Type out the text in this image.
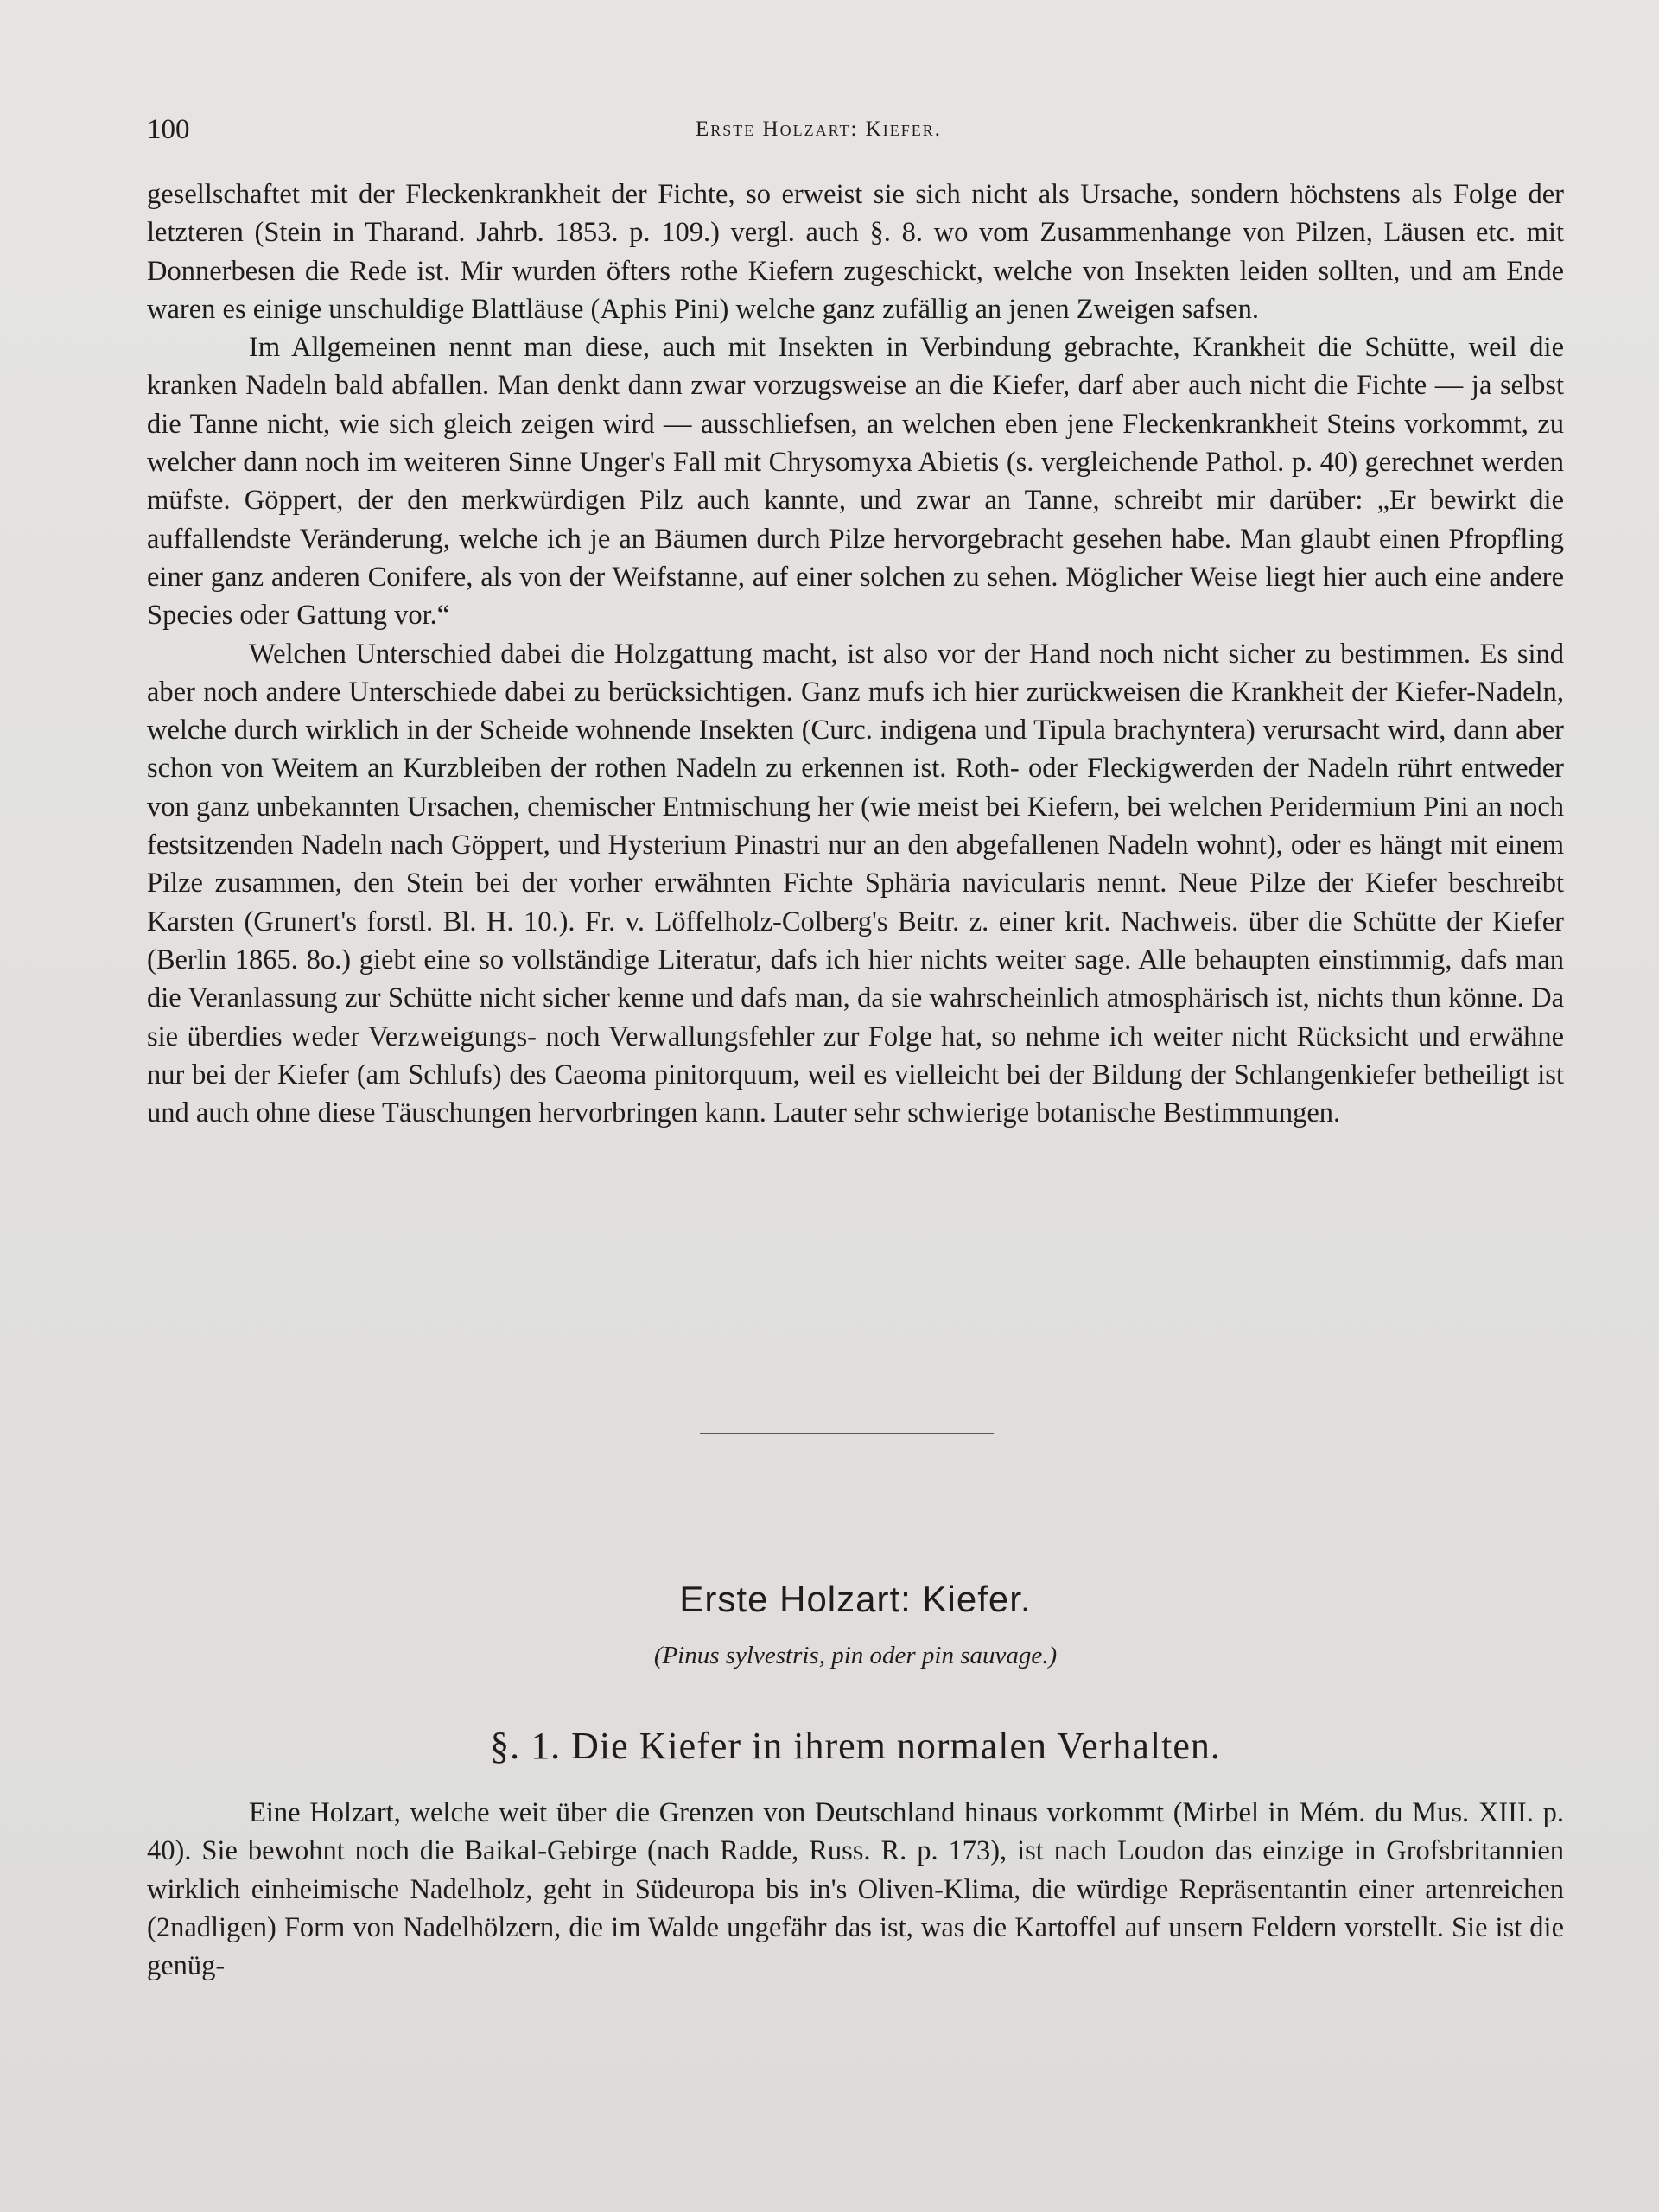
100	Erste Holzart: Kiefer.

gesellschaftet mit der Fleckenkrankheit der Fichte, so erweist sie sich nicht als Ursache, sondern höchstens als Folge der letzteren (Stein in Tharand. Jahrb. 1853. p. 109.) vergl. auch §. 8. wo vom Zusammenhange von Pilzen, Läusen etc. mit Donnerbesen die Rede ist. Mir wurden öfters rothe Kiefern zugeschickt, welche von Insekten leiden sollten, und am Ende waren es einige unschuldige Blattläuse (Aphis Pini) welche ganz zufällig an jenen Zweigen safsen.

Im Allgemeinen nennt man diese, auch mit Insekten in Verbindung gebrachte, Krankheit die Schütte, weil die kranken Nadeln bald abfallen. Man denkt dann zwar vorzugsweise an die Kiefer, darf aber auch nicht die Fichte — ja selbst die Tanne nicht, wie sich gleich zeigen wird — ausschliefsen, an welchen eben jene Fleckenkrankheit Steins vorkommt, zu welcher dann noch im weiteren Sinne Unger's Fall mit Chrysomyxa Abietis (s. vergleichende Pathol. p. 40) gerechnet werden müfste. Göppert, der den merkwürdigen Pilz auch kannte, und zwar an Tanne, schreibt mir darüber: „Er bewirkt die auffallendste Veränderung, welche ich je an Bäumen durch Pilze hervorgebracht gesehen habe. Man glaubt einen Pfropfling einer ganz anderen Conifere, als von der Weifstanne, auf einer solchen zu sehen. Möglicher Weise liegt hier auch eine andere Species oder Gattung vor.“

Welchen Unterschied dabei die Holzgattung macht, ist also vor der Hand noch nicht sicher zu bestimmen. Es sind aber noch andere Unterschiede dabei zu berücksichtigen. Ganz mufs ich hier zurückweisen die Krankheit der Kiefer-Nadeln, welche durch wirklich in der Scheide wohnende Insekten (Curc. indigena und Tipula brachyntera) verursacht wird, dann aber schon von Weitem an Kurzbleiben der rothen Nadeln zu erkennen ist. Roth- oder Fleckigwerden der Nadeln rührt entweder von ganz unbekannten Ursachen, chemischer Entmischung her (wie meist bei Kiefern, bei welchen Peridermium Pini an noch festsitzenden Nadeln nach Göppert, und Hysterium Pinastri nur an den abgefallenen Nadeln wohnt), oder es hängt mit einem Pilze zusammen, den Stein bei der vorher erwähnten Fichte Sphäria navicularis nennt. Neue Pilze der Kiefer beschreibt Karsten (Grunert's forstl. Bl. H. 10.). Fr. v. Löffelholz-Colberg's Beitr. z. einer krit. Nachweis. über die Schütte der Kiefer (Berlin 1865. 8o.) giebt eine so vollständige Literatur, dafs ich hier nichts weiter sage. Alle behaupten einstimmig, dafs man die Veranlassung zur Schütte nicht sicher kenne und dafs man, da sie wahrscheinlich atmosphärisch ist, nichts thun könne. Da sie überdies weder Verzweigungs- noch Verwallungsfehler zur Folge hat, so nehme ich weiter nicht Rücksicht und erwähne nur bei der Kiefer (am Schlufs) des Caeoma pinitorquum, weil es vielleicht bei der Bildung der Schlangenkiefer betheiligt ist und auch ohne diese Täuschungen hervorbringen kann. Lauter sehr schwierige botanische Bestimmungen.

Erste Holzart: Kiefer.
(Pinus sylvestris, pin oder pin sauvage.)
§. 1. Die Kiefer in ihrem normalen Verhalten.

Eine Holzart, welche weit über die Grenzen von Deutschland hinaus vorkommt (Mirbel in Mém. du Mus. XIII. p. 40). Sie bewohnt noch die Baikal-Gebirge (nach Radde, Russ. R. p. 173), ist nach Loudon das einzige in Grofsbritannien wirklich einheimische Nadelholz, geht in Südeuropa bis in's Oliven-Klima, die würdige Repräsentantin einer artenreichen (2nadligen) Form von Nadelhölzern, die im Walde ungefähr das ist, was die Kartoffel auf unsern Feldern vorstellt. Sie ist die genüg-
